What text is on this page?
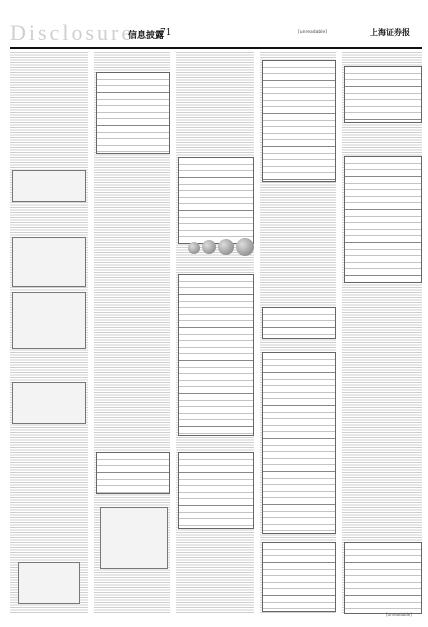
Disclosure
信息披露
71	[unreadable]	上海证券报
[unreadable]
